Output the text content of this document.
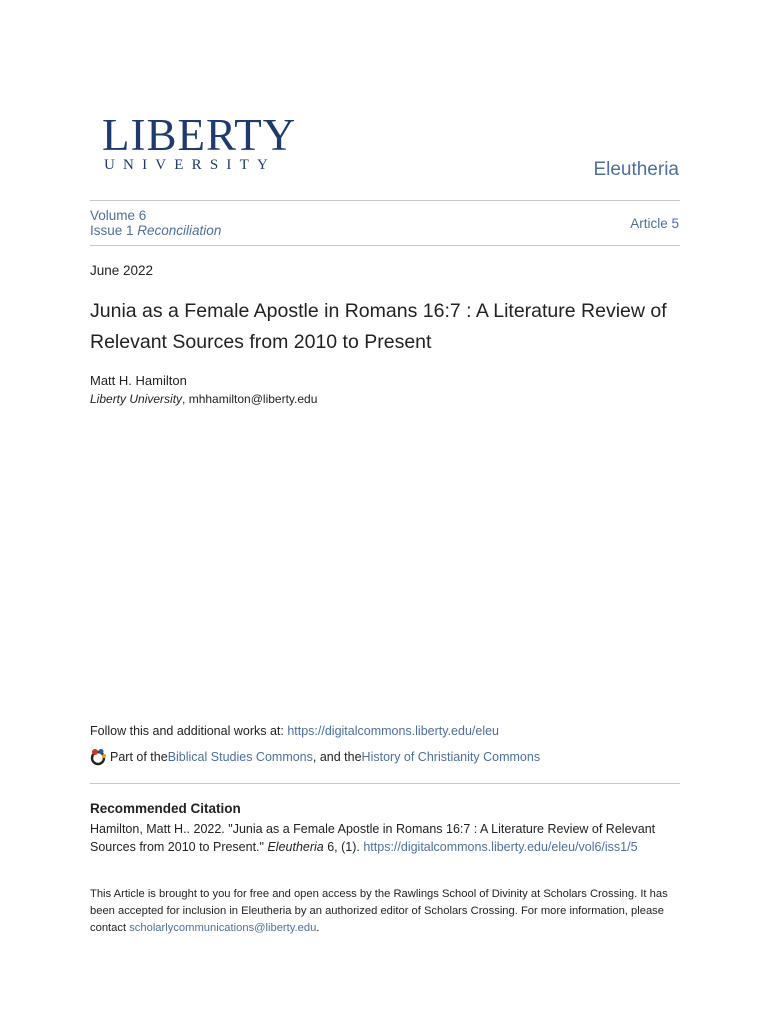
LIBERTY
UNIVERSITY	Eleutheria
Volume 6
Issue 1 Reconciliation	Article 5
June 2022
Junia as a Female Apostle in Romans 16:7 : A Literature Review of Relevant Sources from 2010 to Present
Matt H. Hamilton
Liberty University, mhhamilton@liberty.edu
Follow this and additional works at: https://digitalcommons.liberty.edu/eleu
Part of the Biblical Studies Commons , and the History of Christianity Commons
Recommended Citation
Hamilton, Matt H.. 2022. "Junia as a Female Apostle in Romans 16:7 : A Literature Review of Relevant Sources from 2010 to Present." Eleutheria 6, (1). https://digitalcommons.liberty.edu/eleu/vol6/iss1/5
This Article is brought to you for free and open access by the Rawlings School of Divinity at Scholars Crossing. It has been accepted for inclusion in Eleutheria by an authorized editor of Scholars Crossing. For more information, please contact scholarlycommunications@liberty.edu.
